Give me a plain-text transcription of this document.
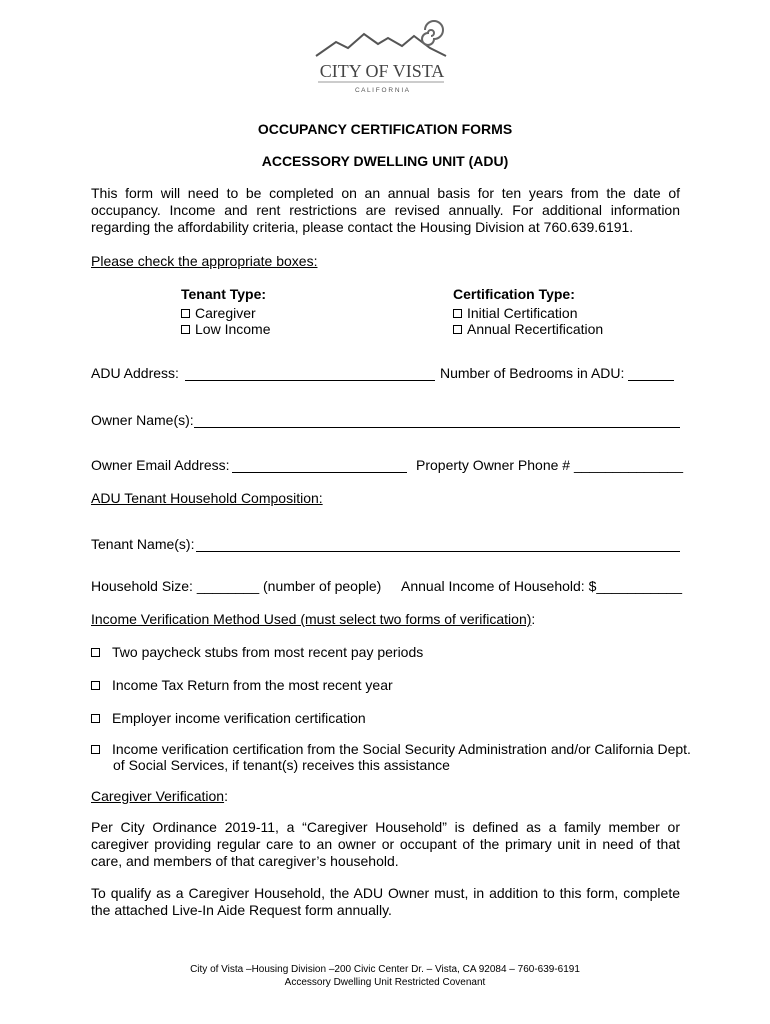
CITY OF VISTA
C A L I F O R N I A
OCCUPANCY CERTIFICATION FORMS
ACCESSORY DWELLING UNIT (ADU)
This form will need to be completed on an annual basis for ten years from the date of occupancy. Income and rent restrictions are revised annually. For additional information regarding the affordability criteria, please contact the Housing Division at 760.639.6191.
Please check the appropriate boxes:
Tenant Type:
Caregiver
Low Income
Certification Type:
Initial Certification
Annual Recertification
ADU Address:	Number of Bedrooms in ADU:
Owner Name(s):
Owner Email Address:	Property Owner Phone # ______________
ADU Tenant Household Composition:
Tenant Name(s):
Household Size: ________ (number of people) Annual Income of Household: $___________
Income Verification Method Used (must select two forms of verification):
Two paycheck stubs from most recent pay periods
Income Tax Return from the most recent year
Employer income verification certification
Income verification certification from the Social Security Administration and/or California Dept.
of Social Services, if tenant(s) receives this assistance
Caregiver Verification:
Per City Ordinance 2019-11, a “Caregiver Household” is defined as a family member or caregiver providing regular care to an owner or occupant of the primary unit in need of that care, and members of that caregiver’s household.
To qualify as a Caregiver Household, the ADU Owner must, in addition to this form, complete the attached Live-In Aide Request form annually.
City of Vista –Housing Division –200 Civic Center Dr. – Vista, CA 92084 – 760-639-6191
Accessory Dwelling Unit Restricted Covenant
